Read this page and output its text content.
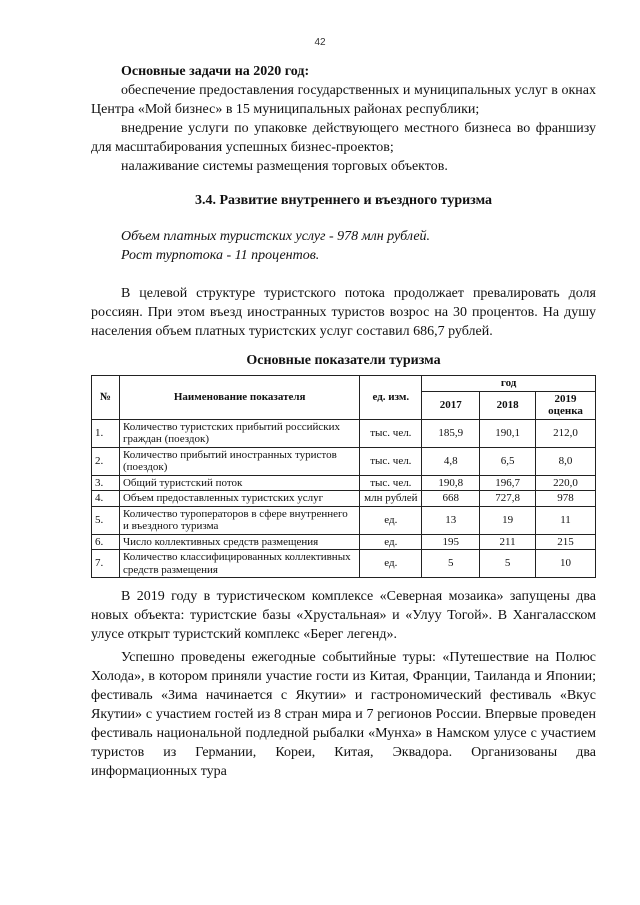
42

Основные задачи на 2020 год:

обеспечение предоставления государственных и муниципальных услуг в окнах Центра «Мой бизнес» в 15 муниципальных районах республики;

внедрение услуги по упаковке действующего местного бизнеса во франшизу для масштабирования успешных бизнес-проектов;

налаживание системы размещения торговых объектов.

3.4. Развитие внутреннего и въездного туризма

Объем платных туристских услуг - 978 млн рублей.

Рост турпотока - 11 процентов.

В целевой структуре туристского потока продолжает превалировать доля россиян. При этом въезд иностранных туристов возрос на 30 процентов. На душу населения объем платных туристских услуг составил 686,7 рублей.

Основные показатели туризма
№	Наименование показателя	ед. изм.	год		
			2017	2018	2019 оценка
1.	Количество туристских прибытий российских граждан (поездок)	тыс. чел.	185,9	190,1	212,0
2.	Количество прибытий иностранных туристов (поездок)	тыс. чел.	4,8	6,5	8,0
3.	Общий туристский поток	тыс. чел.	190,8	196,7	220,0
4.	Объем предоставленных туристских услуг	млн рублей	668	727,8	978
5.	Количество туроператоров в сфере внутреннего и въездного туризма	ед.	13	19	11
6.	Число коллективных средств размещения	ед.	195	211	215
7.	Количество классифицированных коллективных средств размещения	ед.	5	5	10

В 2019 году в туристическом комплексе «Северная мозаика» запущены два новых объекта: туристские базы «Хрустальная» и «Улуу Тогой». В Хангаласском улусе открыт туристский комплекс «Берег легенд».

Успешно проведены ежегодные событийные туры: «Путешествие на Полюс Холода», в котором приняли участие гости из Китая, Франции, Таиланда и Японии; фестиваль «Зима начинается с Якутии» и гастрономический фестиваль «Вкус Якутии» с участием гостей из 8 стран мира и 7 регионов России. Впервые проведен фестиваль национальной подледной рыбалки «Мунха» в Намском улусе с участием туристов из Германии, Кореи, Китая, Эквадора. Организованы два информационных тура
